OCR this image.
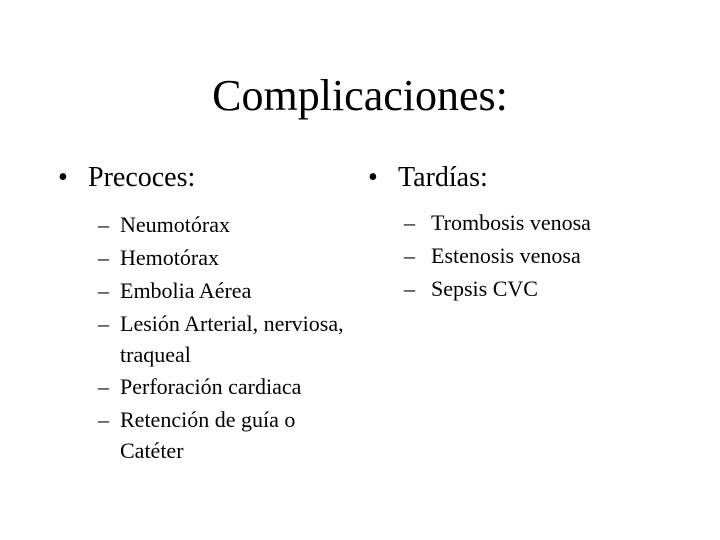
Complicaciones:
• Precoces:
– Neumotórax
– Hemotórax
– Embolia Aérea
– Lesión Arterial, nerviosa, traqueal
– Perforación cardiaca
– Retención de guía o Catéter
• Tardías:
– Trombosis venosa
– Estenosis venosa
– Sepsis CVC
